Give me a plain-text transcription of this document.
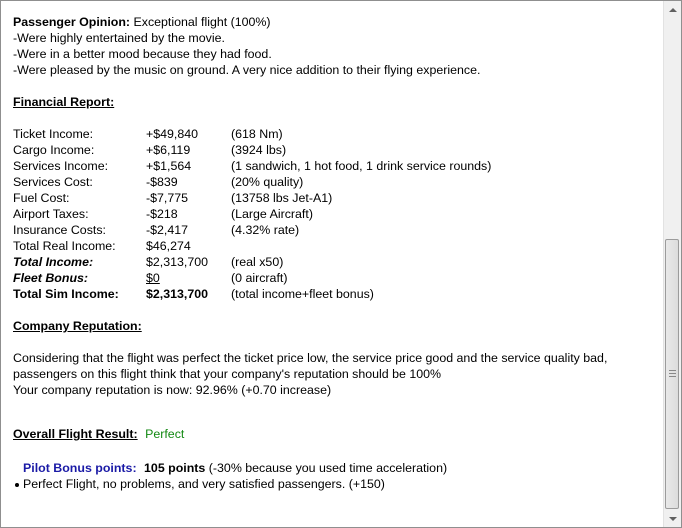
Passenger Opinion: Exceptional flight (100%)
-Were highly entertained by the movie.
-Were in a better mood because they had food.
-Were pleased by the music on ground. A very nice addition to their flying experience.
Financial Report:
Ticket Income:	+$49,840	(618 Nm)
Cargo Income:	+$6,119	(3924 lbs)
Services Income:	+$1,564	(1 sandwich, 1 hot food, 1 drink service rounds)
Services Cost:	-$839	(20% quality)
Fuel Cost:	-$7,775	(13758 lbs Jet-A1)
Airport Taxes:	-$218	(Large Aircraft)
Insurance Costs:	-$2,417	(4.32% rate)
Total Real Income:	$46,274
Total Income:	$2,313,700	(real x50)
Fleet Bonus:	$0	(0 aircraft)
Total Sim Income:	$2,313,700	(total income+fleet bonus)
Company Reputation:
Considering that the flight was perfect the ticket price low, the service price good and the service quality bad, passengers on this flight think that your company's reputation should be 100%
Your company reputation is now: 92.96% (+0.70 increase)
Overall Flight Result: Perfect
Pilot Bonus points: 105 points (-30% because you used time acceleration)
Perfect Flight, no problems, and very satisfied passengers. (+150)
